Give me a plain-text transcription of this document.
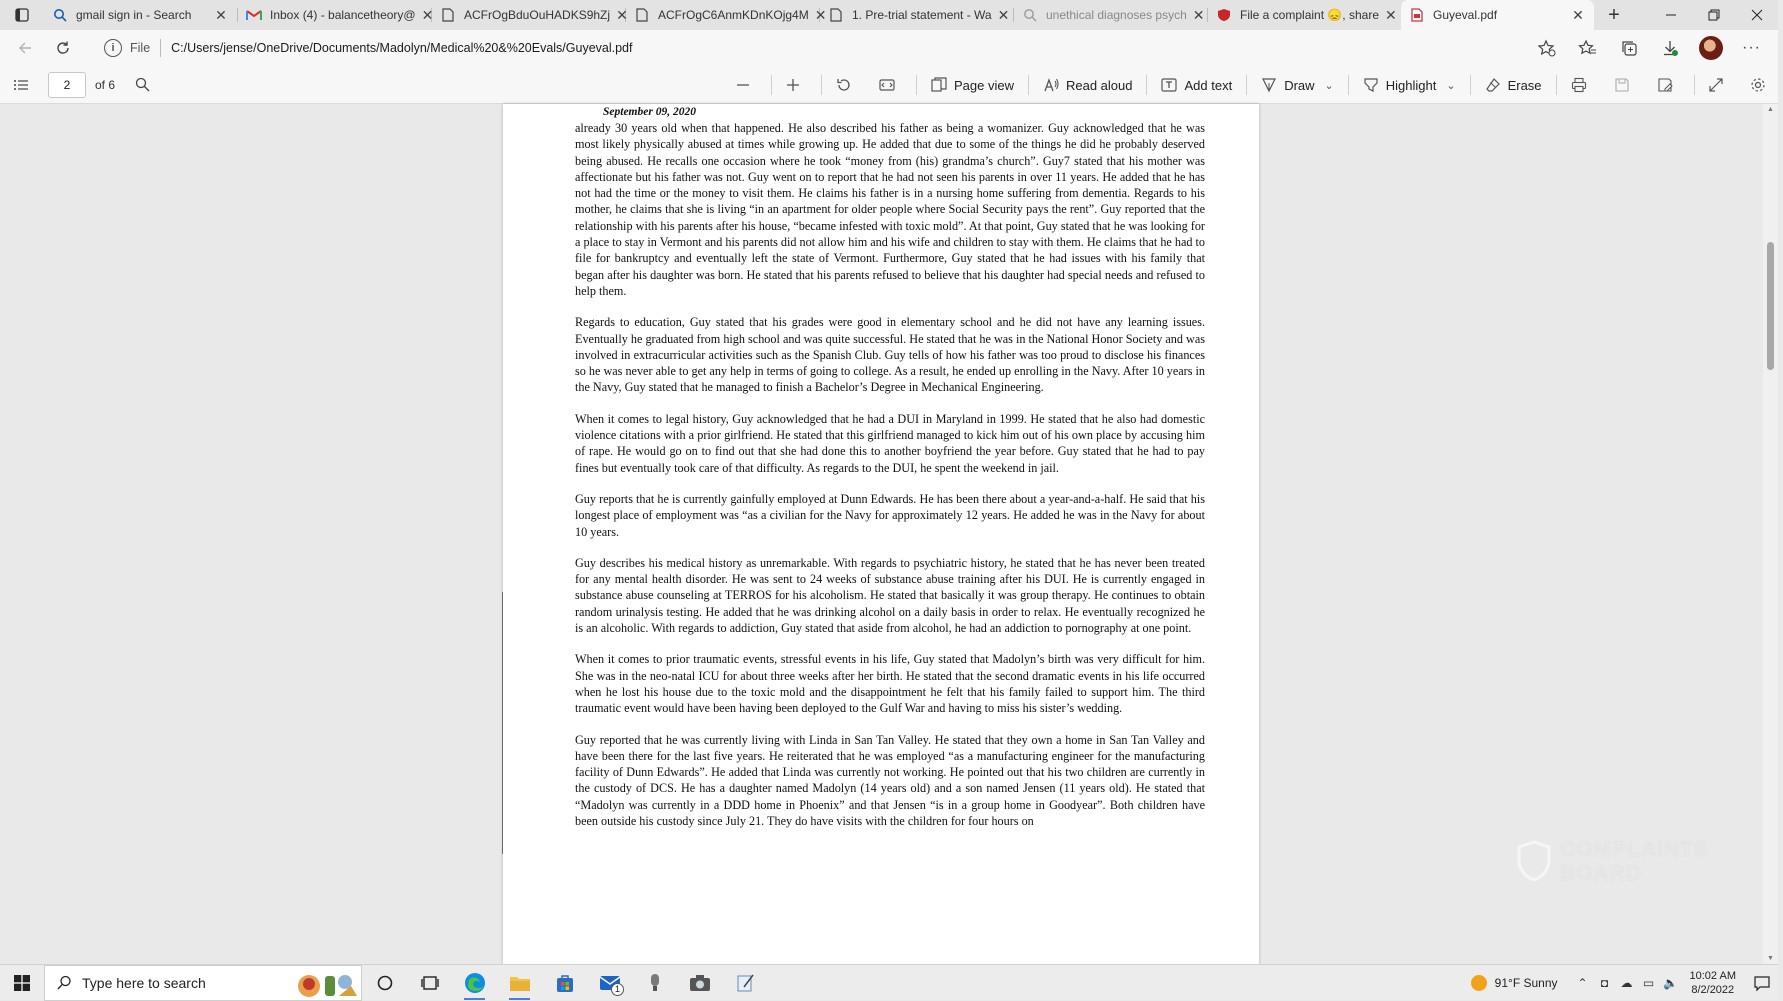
gmail sign in - Search	✕	Inbox (4) - balancetheory@ ✕	ACFrOgBduOuHADKS9hZj ✕	ACFrOgC6AnmKDnKOjg4M ✕ 1. Pre-trial statement - Wa ✕	unethical diagnoses psych ✕	File a complaint 😞, share ✕	Guyeval.pdf	✕ +
i	File C:/Users/jense/OneDrive/Documents/Madolyn/Medical%20&%20Evals/Guyeval.pdf	···
2	of 6	Page view	Read aloud	Add text	Draw ⌄	Highlight ⌄	Erase
September 09, 2020

already 30 years old when that happened. He also described his father as being a womanizer. Guy acknowledged that he was most likely physically abused at times while growing up. He added that due to some of the things he did he probably deserved being abused. He recalls one occasion where he took “money from (his) grandma’s church”. Guy7 stated that his mother was affectionate but his father was not. Guy went on to report that he had not seen his parents in over 11 years. He added that he has not had the time or the money to visit them. He claims his father is in a nursing home suffering from dementia. Regards to his mother, he claims that she is living “in an apartment for older people where Social Security pays the rent”. Guy reported that the relationship with his parents after his house, “became infested with toxic mold”. At that point, Guy stated that he was looking for a place to stay in Vermont and his parents did not allow him and his wife and children to stay with them. He claims that he had to file for bankruptcy and eventually left the state of Vermont. Furthermore, Guy stated that he had issues with his family that began after his daughter was born. He stated that his parents refused to believe that his daughter had special needs and refused to help them.

Regards to education, Guy stated that his grades were good in elementary school and he did not have any learning issues. Eventually he graduated from high school and was quite successful. He stated that he was in the National Honor Society and was involved in extracurricular activities such as the Spanish Club. Guy tells of how his father was too proud to disclose his finances so he was never able to get any help in terms of going to college. As a result, he ended up enrolling in the Navy. After 10 years in the Navy, Guy stated that he managed to finish a Bachelor’s Degree in Mechanical Engineering.

When it comes to legal history, Guy acknowledged that he had a DUI in Maryland in 1999. He stated that he also had domestic violence citations with a prior girlfriend. He stated that this girlfriend managed to kick him out of his own place by accusing him of rape. He would go on to find out that she had done this to another boyfriend the year before. Guy stated that he had to pay fines but eventually took care of that difficulty. As regards to the DUI, he spent the weekend in jail.

Guy reports that he is currently gainfully employed at Dunn Edwards. He has been there about a year-and-a-half. He said that his longest place of employment was “as a civilian for the Navy for approximately 12 years. He added he was in the Navy for about 10 years.

Guy describes his medical history as unremarkable. With regards to psychiatric history, he stated that he has never been treated for any mental health disorder. He was sent to 24 weeks of substance abuse training after his DUI. He is currently engaged in substance abuse counseling at TERROS for his alcoholism. He stated that basically it was group therapy. He continues to obtain random urinalysis testing. He added that he was drinking alcohol on a daily basis in order to relax. He eventually recognized he is an alcoholic. With regards to addiction, Guy stated that aside from alcohol, he had an addiction to pornography at one point.

When it comes to prior traumatic events, stressful events in his life, Guy stated that Madolyn’s birth was very difficult for him. She was in the neo-natal ICU for about three weeks after her birth. He stated that the second dramatic events in his life occurred when he lost his house due to the toxic mold and the disappointment he felt that his family failed to support him. The third traumatic event would have been having been deployed to the Gulf War and having to miss his sister’s wedding.

Guy reported that he was currently living with Linda in San Tan Valley. He stated that they own a home in San Tan Valley and have been there for the last five years. He reiterated that he was employed “as a manufacturing engineer for the manufacturing facility of Dunn Edwards”. He added that Linda was currently not working. He pointed out that his two children are currently in the custody of DCS. He has a daughter named Madolyn (14 years old) and a son named Jensen (11 years old). He stated that “Madolyn was currently in a DDD home in Phoenix” and that Jensen “is in a group home in Goodyear”. Both children have been outside his custody since July 21. They do have visits with the children for four hours on

▲
▼
COMPLAINTS
BOARD
Type here to search	1	91°F Sunny	⌃	◘	☁ ▭ 🔈	10:02 AM
8/2/2022
